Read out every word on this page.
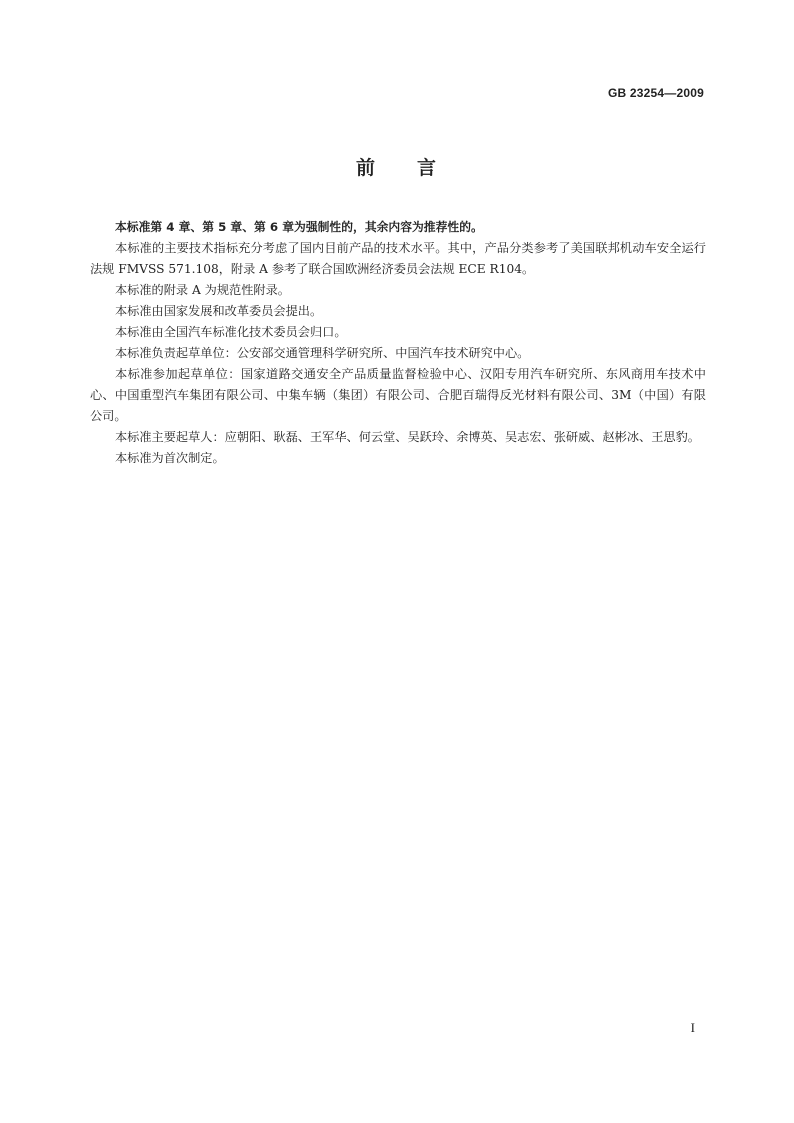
GB 23254—2009
前 言

本标准第 4 章、第 5 章、第 6 章为强制性的，其余内容为推荐性的。

本标准的主要技术指标充分考虑了国内目前产品的技术水平。其中，产品分类参考了美国联邦机动车安全运行法规 FMVSS 571.108，附录 A 参考了联合国欧洲经济委员会法规 ECE R104。

本标准的附录 A 为规范性附录。

本标准由国家发展和改革委员会提出。

本标准由全国汽车标准化技术委员会归口。

本标准负责起草单位：公安部交通管理科学研究所、中国汽车技术研究中心。

本标准参加起草单位：国家道路交通安全产品质量监督检验中心、汉阳专用汽车研究所、东风商用车技术中心、中国重型汽车集团有限公司、中集车辆（集团）有限公司、合肥百瑞得反光材料有限公司、3M（中国）有限公司。

本标准主要起草人：应朝阳、耿磊、王军华、何云堂、吴跃玲、余博英、吴志宏、张研威、赵彬冰、王思豹。

本标准为首次制定。

I
